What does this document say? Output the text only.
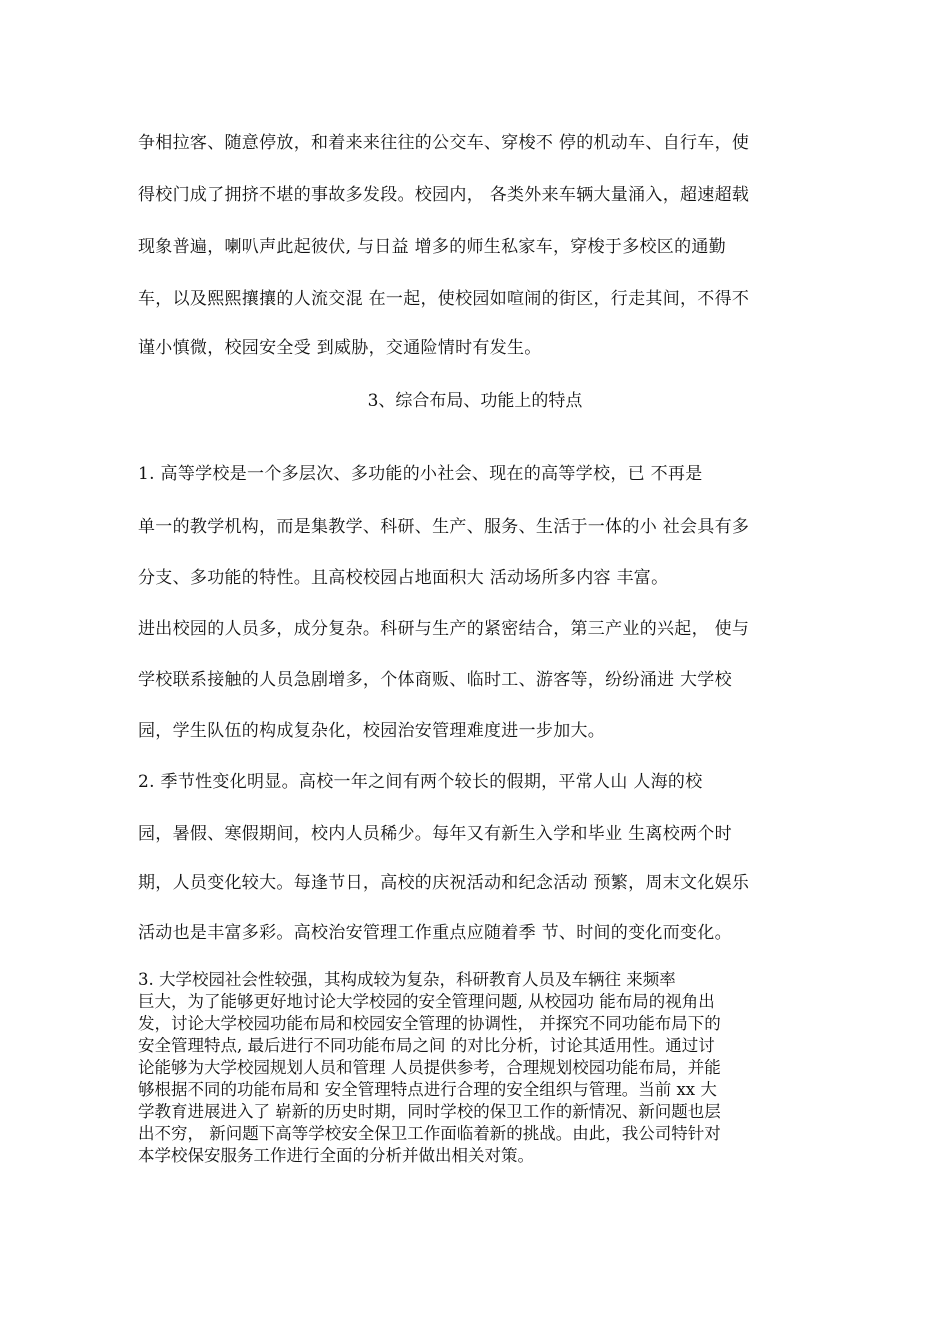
争相拉客、随意停放，和着来来往往的公交车、穿梭不 停的机动车、自行车，使
得校门成了拥挤不堪的事故多发段。校园内， 各类外来车辆大量涌入，超速超载
现象普遍，喇叭声此起彼伏, 与日益 增多的师生私家车，穿梭于多校区的通勤
车，以及熙熙攘攘的人流交混 在一起，使校园如喧闹的街区，行走其间，不得不
谨小慎微，校园安全受 到威胁，交通险情时有发生。
3、综合布局、功能上的特点
1. 高等学校是一个多层次、多功能的小社会、现在的高等学校，已 不再是
单一的教学机构，而是集教学、科研、生产、服务、生活于一体的小 社会具有多
分支、多功能的特性。且高校校园占地面积大 活动场所多内容 丰富。
进出校园的人员多，成分复杂。科研与生产的紧密结合，第三产业的兴起， 使与
学校联系接触的人员急剧增多，个体商贩、临时工、游客等，纷纷涌进 大学校
园，学生队伍的构成复杂化，校园治安管理难度进一步加大。
2. 季节性变化明显。高校一年之间有两个较长的假期，平常人山 人海的校
园，暑假、寒假期间，校内人员稀少。每年又有新生入学和毕业 生离校两个时
期，人员变化较大。每逢节日，高校的庆祝活动和纪念活动 预繁，周末文化娱乐
活动也是丰富多彩。高校治安管理工作重点应随着季 节、时间的变化而变化。
3. 大学校园社会性较强，其构成较为复杂，科研教育人员及车辆往 来频率
巨大，为了能够更好地讨论大学校园的安全管理问题, 从校园功 能布局的视角出
发，讨论大学校园功能布局和校园安全管理的协调性， 并探究不同功能布局下的
安全管理特点, 最后进行不同功能布局之间 的对比分析，讨论其适用性。通过讨
论能够为大学校园规划人员和管理 人员提供参考，合理规划校园功能布局，并能
够根据不同的功能布局和 安全管理特点进行合理的安全组织与管理。当前 xx 大
学教育进展进入了 崭新的历史时期，同时学校的保卫工作的新情况、新问题也层
出不穷， 新问题下高等学校安全保卫工作面临着新的挑战。由此，我公司特针对
本学校保安服务工作进行全面的分析并做出相关对策。
